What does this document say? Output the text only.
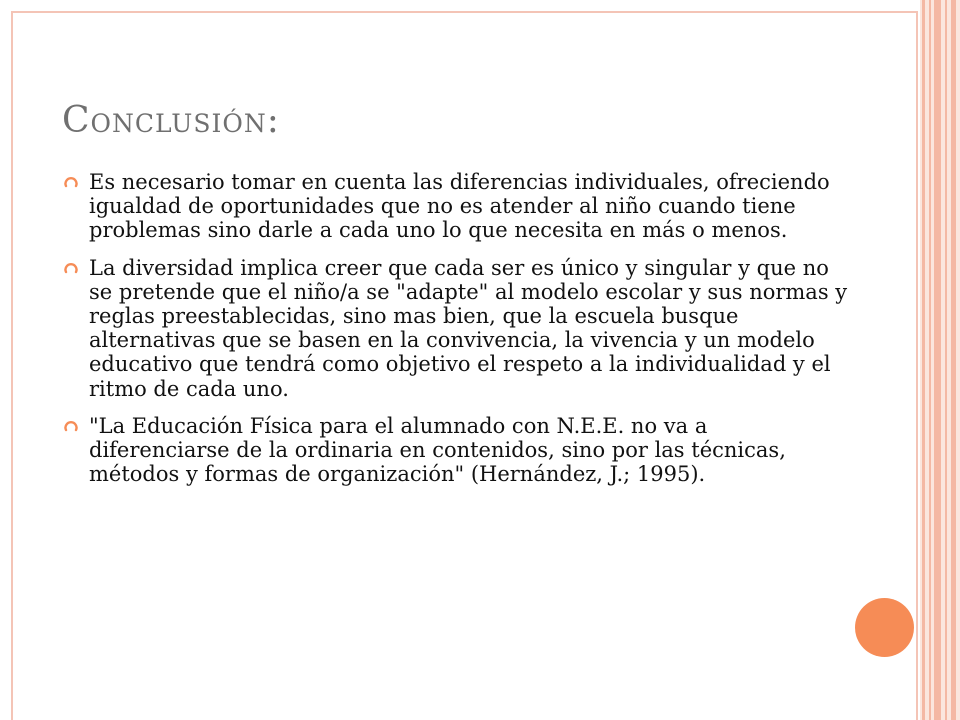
Conclusión:
Es necesario tomar en cuenta las diferencias individuales, ofreciendo igualdad de oportunidades que no es atender al niño cuando tiene problemas sino darle a cada uno lo que necesita en más o menos.
La diversidad implica creer que cada ser es único y singular y que no se pretende que el niño/a se "adapte" al modelo escolar y sus normas y reglas preestablecidas, sino mas bien, que la escuela busque alternativas que se basen en la convivencia, la vivencia y un modelo educativo que tendrá como objetivo el respeto a la individualidad y el ritmo de cada uno.
"La Educación Física para el alumnado con N.E.E. no va a diferenciarse de la ordinaria en contenidos, sino por las técnicas, métodos y formas de organización" (Hernández, J.; 1995).
